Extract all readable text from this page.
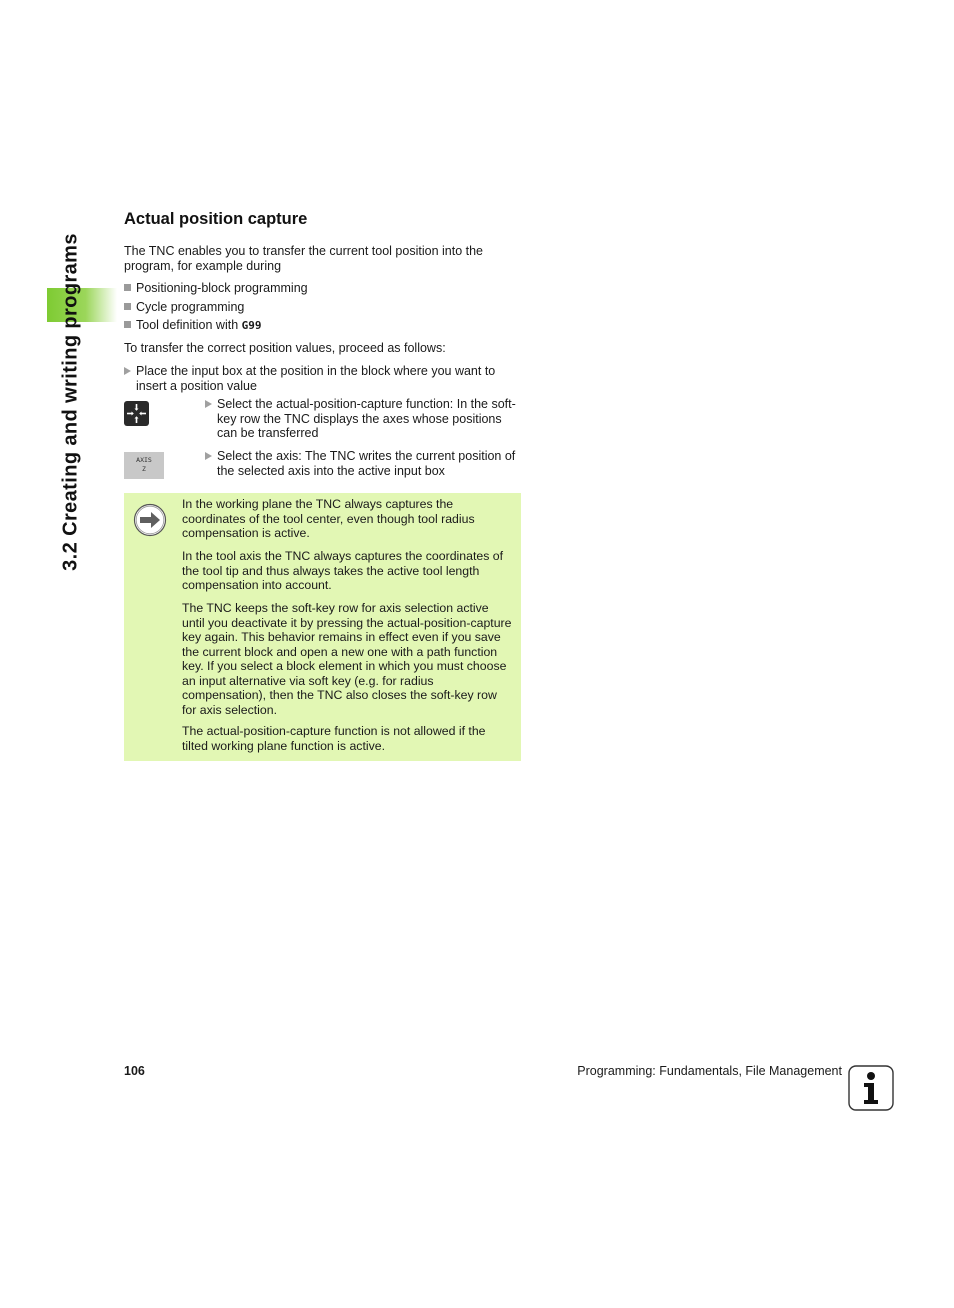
3.2 Creating and writing programs
Actual position capture

The TNC enables you to transfer the current tool position into the program, for example during

Positioning-block programming
Cycle programming
Tool definition with G99

To transfer the correct position values, proceed as follows:

Place the input box at the position in the block where you want to insert a position value
Select the actual-position-capture function: In the soft-key row the TNC displays the axes whose positions can be transferred
AXIS
Z
Select the axis: The TNC writes the current position of the selected axis into the active input box

In the working plane the TNC always captures the coordinates of the tool center, even though tool radius compensation is active.

In the tool axis the TNC always captures the coordinates of the tool tip and thus always takes the active tool length compensation into account.

The TNC keeps the soft-key row for axis selection active until you deactivate it by pressing the actual-position-capture key again. This behavior remains in effect even if you save the current block and open a new one with a path function key. If you select a block element in which you must choose an input alternative via soft key (e.g. for radius compensation), then the TNC also closes the soft-key row for axis selection.

The actual-position-capture function is not allowed if the tilted working plane function is active.

106	Programming: Fundamentals, File Management
